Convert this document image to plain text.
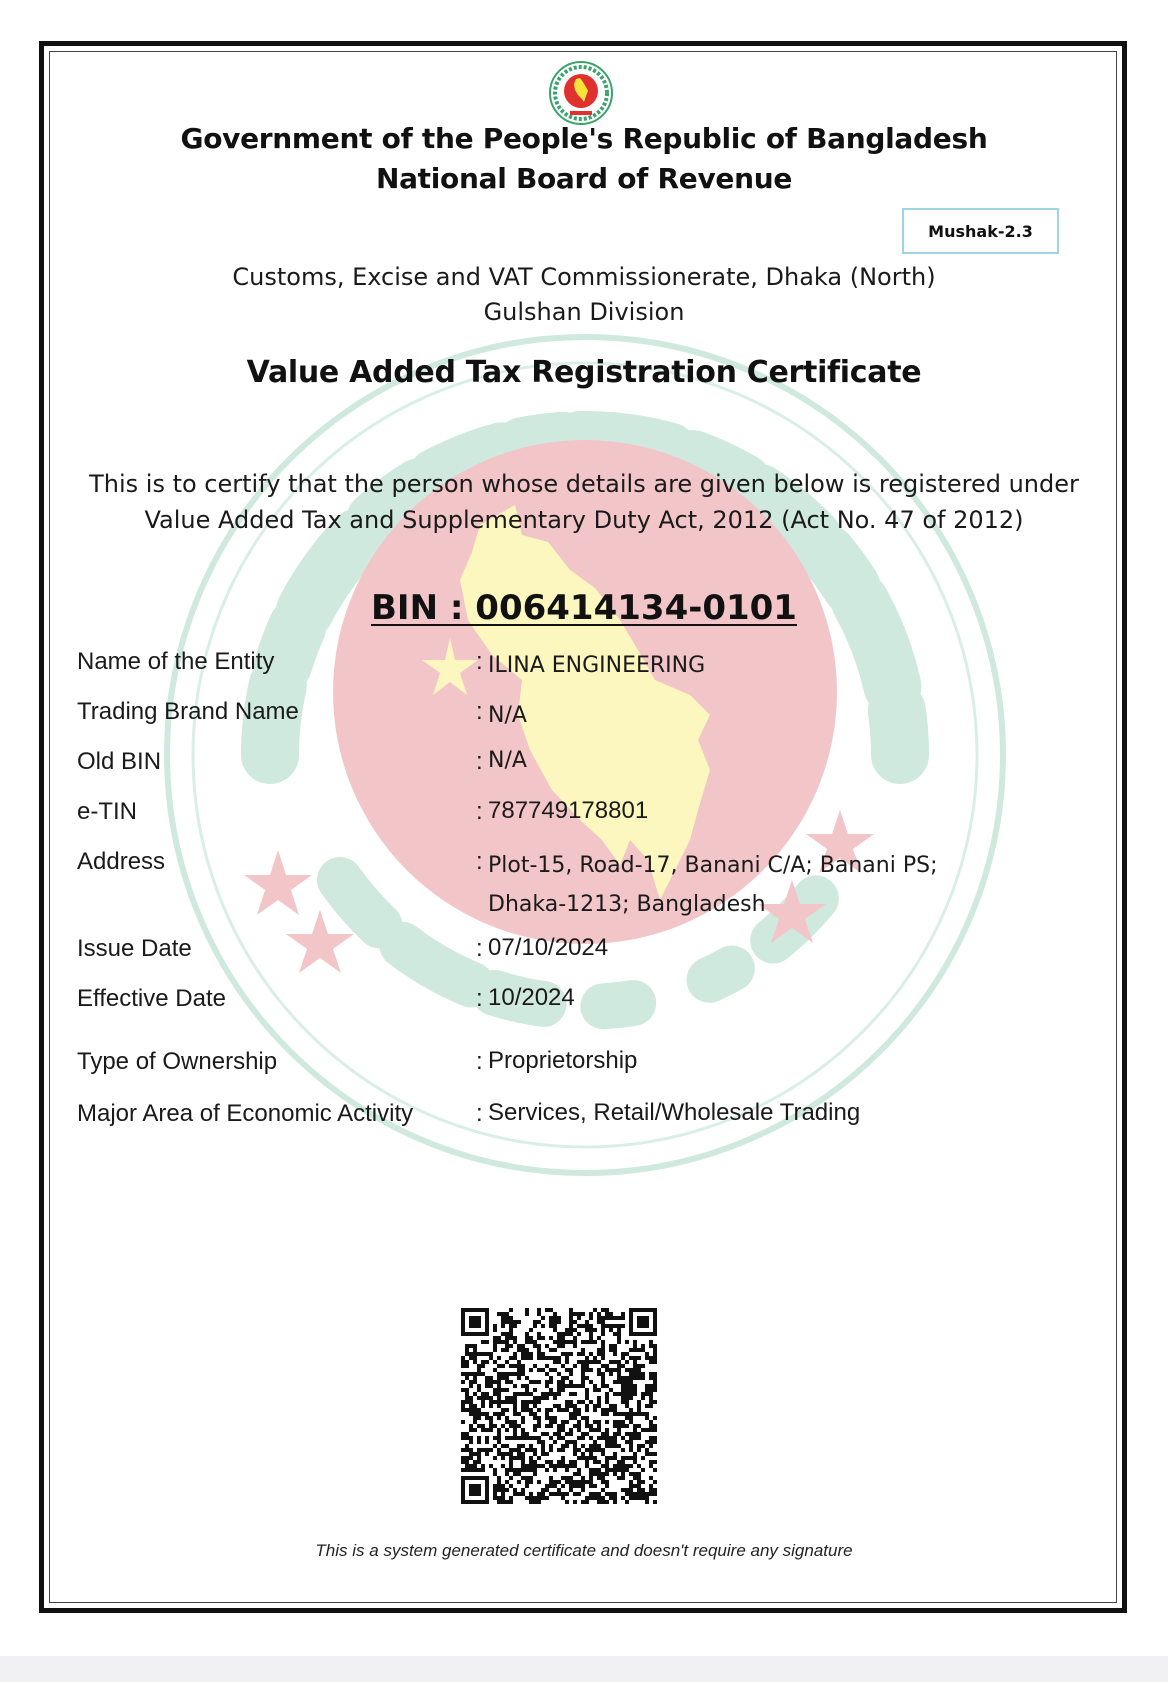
Government of the People's Republic of Bangladesh
National Board of Revenue
Mushak-2.3
Customs, Excise and VAT Commissionerate, Dhaka (North)
Gulshan Division
Value Added Tax Registration Certificate
This is to certify that the person whose details are given below is registered under
Value Added Tax and Supplementary Duty Act, 2012 (Act No. 47 of 2012)
BIN : 006414134-0101
Name of the Entity	: ILINA ENGINEERING
Trading Brand Name	: N/A
Old BIN	: N/A
e-TIN	: 787749178801
Address	: Plot-15, Road-17, Banani C/A; Banani PS;
Dhaka-1213; Bangladesh
Issue Date	: 07/10/2024
Effective Date	: 10/2024
Type of Ownership	: Proprietorship
Major Area of Economic Activity	: Services, Retail/Wholesale Trading
This is a system generated certificate and doesn't require any signature
